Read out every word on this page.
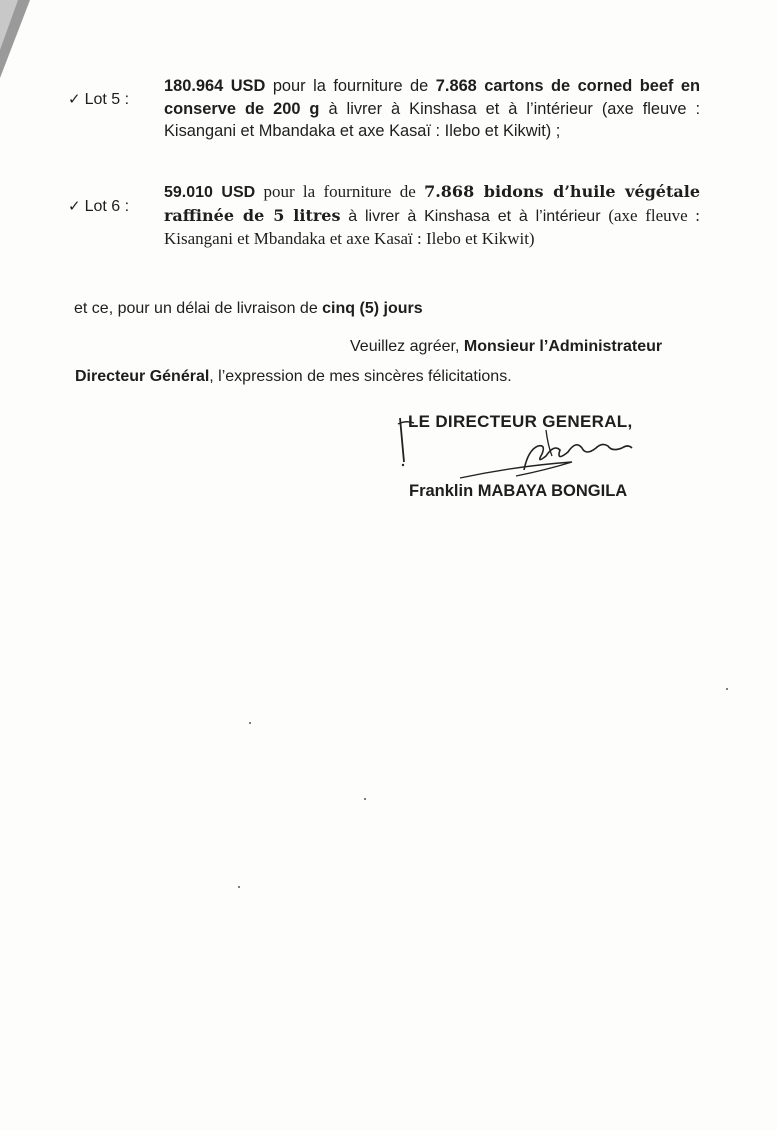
✓ Lot 5 :
180.964 USD pour la fourniture de 7.868 cartons de corned beef en conserve de 200 g à livrer à Kinshasa et à l’intérieur (axe fleuve : Kisangani et Mbandaka et axe Kasaï : Ilebo et Kikwit) ;
✓ Lot 6 :
59.010 USD pour la fourniture de 7.868 bidons d’huile végétale raffinée de 5 litres à livrer à Kinshasa et à l’intérieur (axe fleuve : Kisangani et Mbandaka et axe Kasaï : Ilebo et Kikwit)
et ce, pour un délai de livraison de cinq (5) jours
Veuillez agréer, Monsieur l’Administrateur
Directeur Général, l’expression de mes sincères félicitations.
LE DIRECTEUR GENERAL,
Franklin MABAYA BONGILA
